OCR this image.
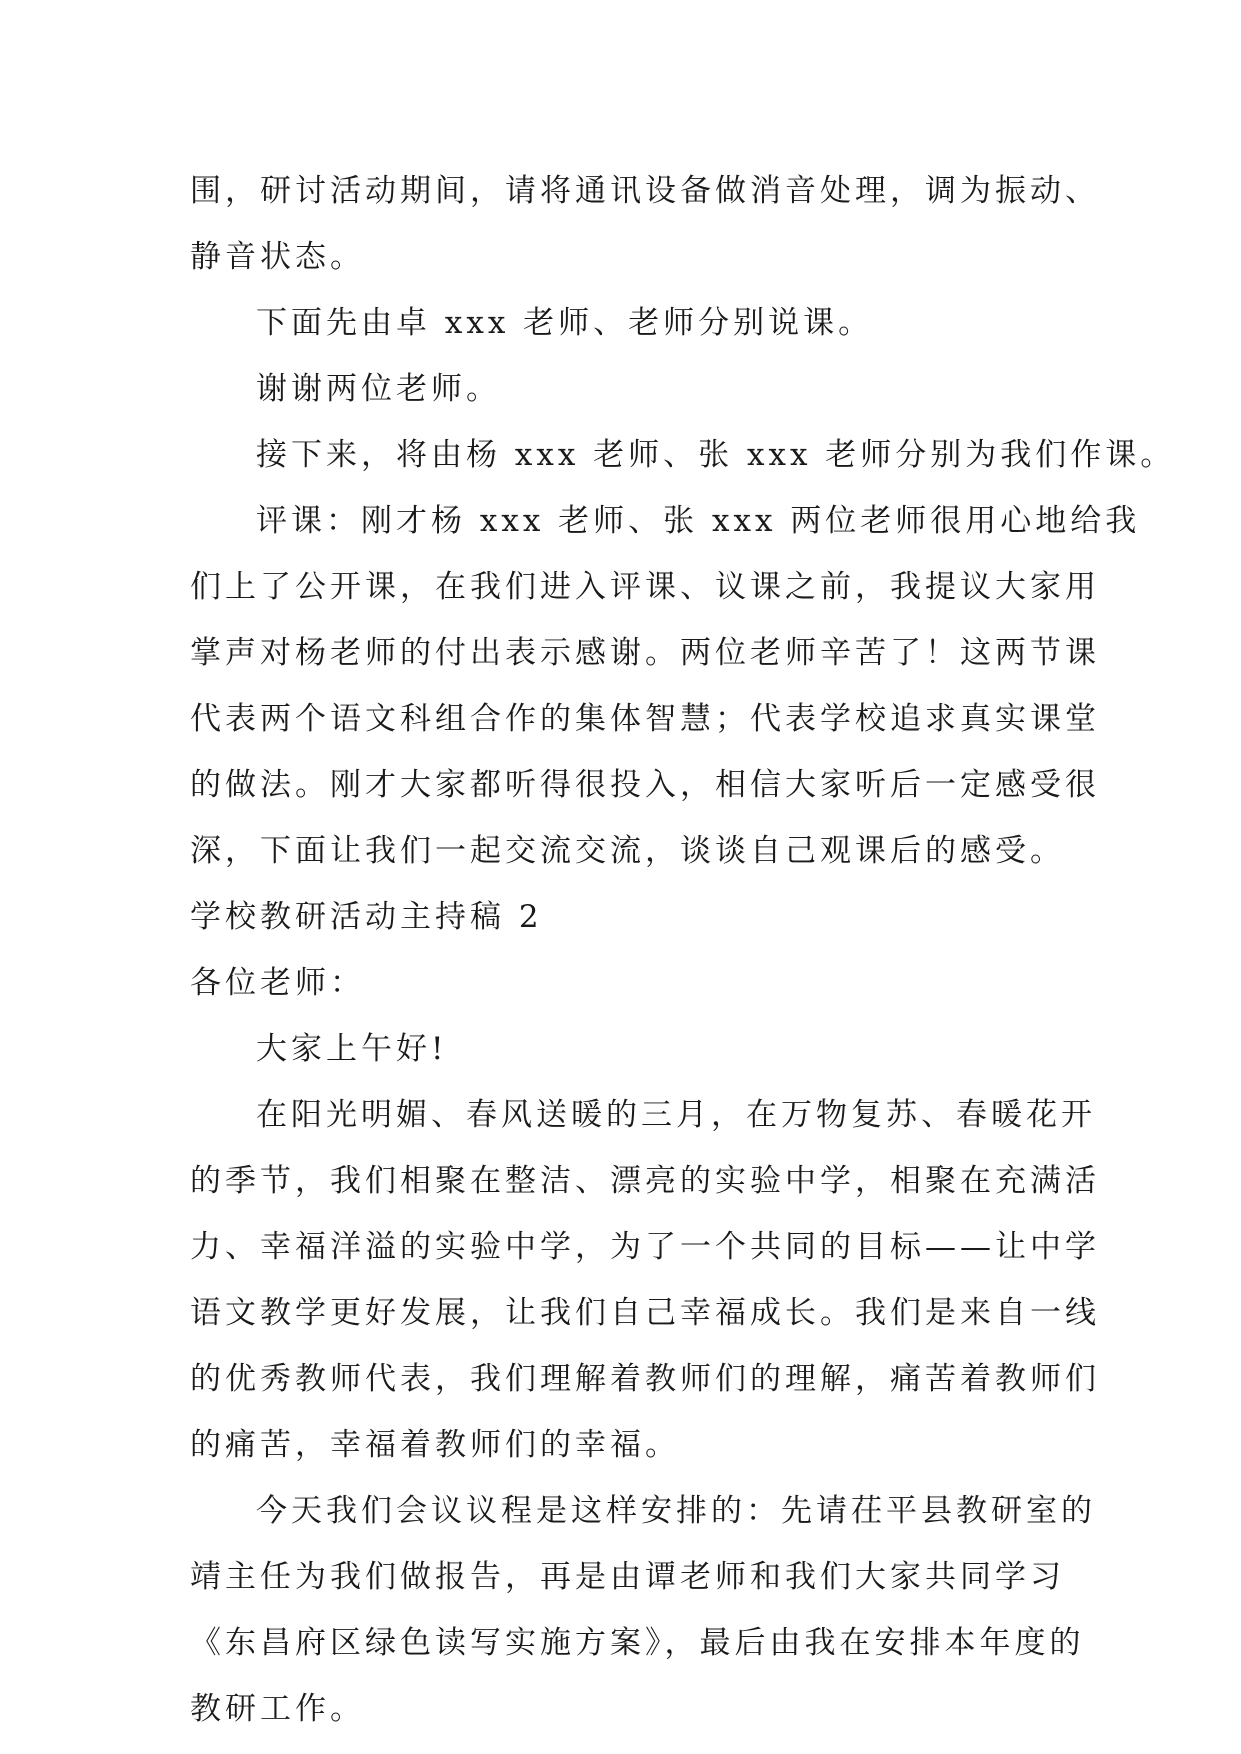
围，研讨活动期间，请将通讯设备做消音处理，调为振动、
静音状态。
下面先由卓 xxx 老师、老师分别说课。
谢谢两位老师。
接下来，将由杨 xxx 老师、张 xxx 老师分别为我们作课。
评课：刚才杨 xxx 老师、张 xxx 两位老师很用心地给我
们上了公开课，在我们进入评课、议课之前，我提议大家用
掌声对杨老师的付出表示感谢。两位老师辛苦了！这两节课
代表两个语文科组合作的集体智慧；代表学校追求真实课堂
的做法。刚才大家都听得很投入，相信大家听后一定感受很
深，下面让我们一起交流交流，谈谈自己观课后的感受。
学校教研活动主持稿 2
各位老师：
大家上午好!
在阳光明媚、春风送暖的三月，在万物复苏、春暖花开
的季节，我们相聚在整洁、漂亮的实验中学，相聚在充满活
力、幸福洋溢的实验中学，为了一个共同的目标——让中学
语文教学更好发展，让我们自己幸福成长。我们是来自一线
的优秀教师代表，我们理解着教师们的理解，痛苦着教师们
的痛苦，幸福着教师们的幸福。
今天我们会议议程是这样安排的：先请茌平县教研室的
靖主任为我们做报告，再是由谭老师和我们大家共同学习
《东昌府区绿色读写实施方案》，最后由我在安排本年度的
教研工作。
